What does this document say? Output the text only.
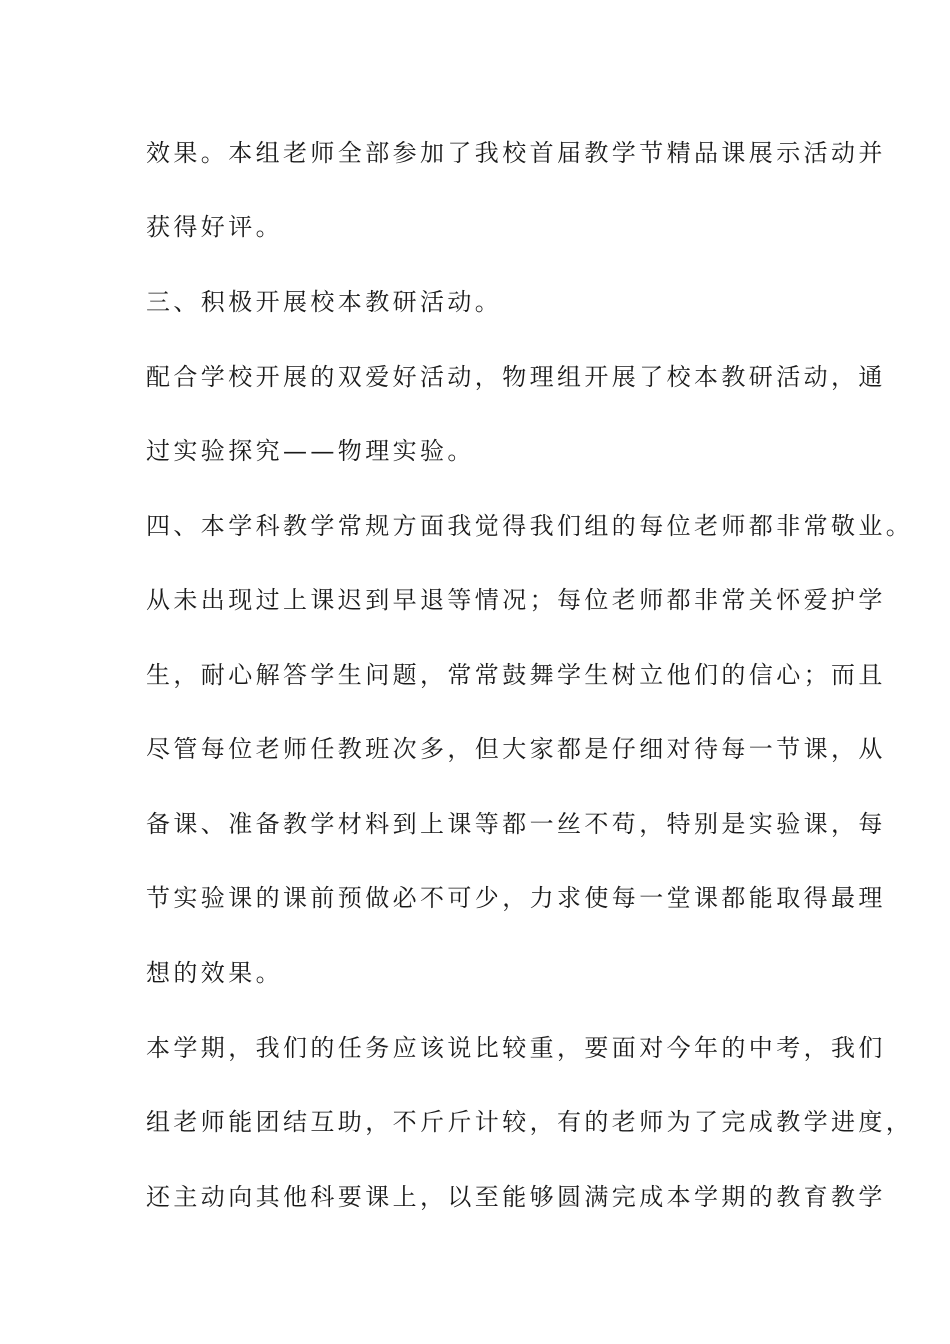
效果。本组老师全部参加了我校首届教学节精品课展示活动并

获得好评。

三、积极开展校本教研活动。

配合学校开展的双爱好活动，物理组开展了校本教研活动，通

过实验探究——物理实验。

四、本学科教学常规方面我觉得我们组的每位老师都非常敬业。

从未出现过上课迟到早退等情况；每位老师都非常关怀爱护学

生，耐心解答学生问题，常常鼓舞学生树立他们的信心；而且

尽管每位老师任教班次多，但大家都是仔细对待每一节课，从

备课、准备教学材料到上课等都一丝不苟，特别是实验课，每

节实验课的课前预做必不可少，力求使每一堂课都能取得最理

想的效果。

本学期，我们的任务应该说比较重，要面对今年的中考，我们

组老师能团结互助，不斤斤计较，有的老师为了完成教学进度，

还主动向其他科要课上，以至能够圆满完成本学期的教育教学
